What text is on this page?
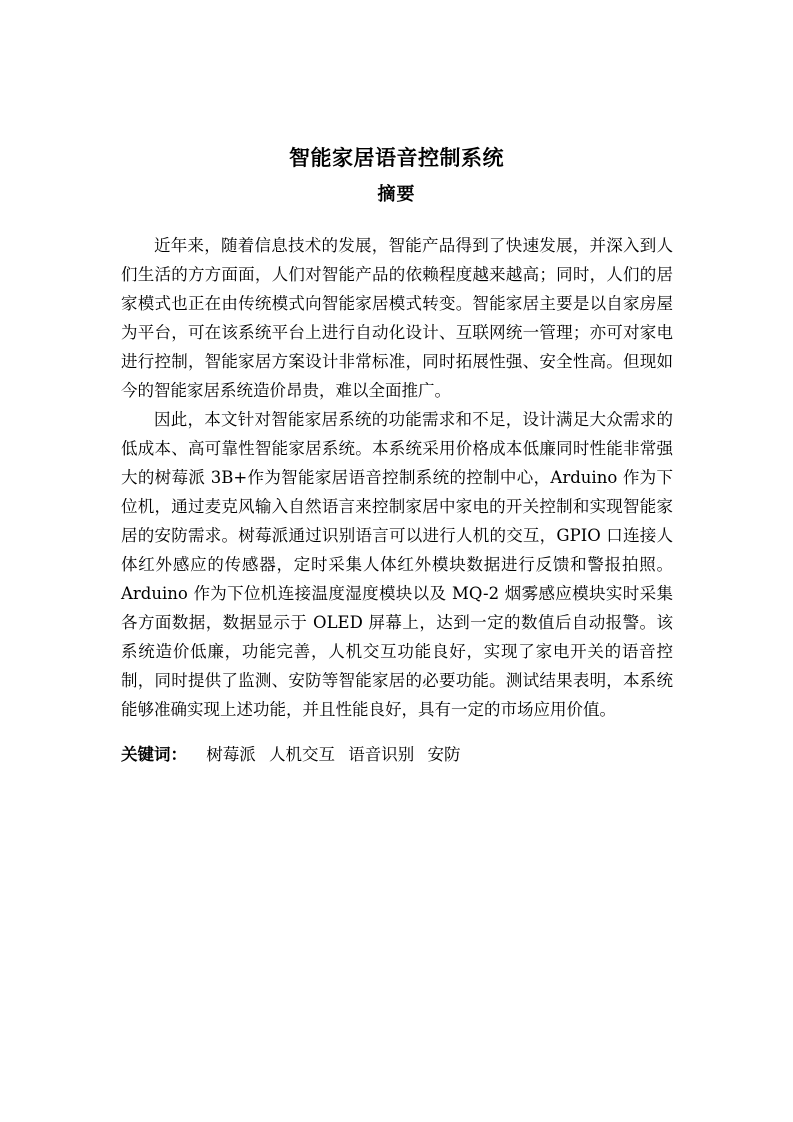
智能家居语音控制系统
摘要

近年来，随着信息技术的发展，智能产品得到了快速发展，并深入到人们生活的方方面面，人们对智能产品的依赖程度越来越高；同时，人们的居家模式也正在由传统模式向智能家居模式转变。智能家居主要是以自家房屋为平台，可在该系统平台上进行自动化设计、互联网统一管理；亦可对家电进行控制，智能家居方案设计非常标准，同时拓展性强、安全性高。但现如今的智能家居系统造价昂贵，难以全面推广。

因此，本文针对智能家居系统的功能需求和不足，设计满足大众需求的低成本、高可靠性智能家居系统。本系统采用价格成本低廉同时性能非常强大的树莓派 3B+作为智能家居语音控制系统的控制中心，Arduino 作为下位机，通过麦克风输入自然语言来控制家居中家电的开关控制和实现智能家居的安防需求。树莓派通过识别语言可以进行人机的交互，GPIO 口连接人体红外感应的传感器，定时采集人体红外模块数据进行反馈和警报拍照。Arduino 作为下位机连接温度湿度模块以及 MQ-2 烟雾感应模块实时采集各方面数据，数据显示于 OLED 屏幕上，达到一定的数值后自动报警。该系统造价低廉，功能完善，人机交互功能良好，实现了家电开关的语音控制，同时提供了监测、安防等智能家居的必要功能。测试结果表明，本系统能够准确实现上述功能，并且性能良好，具有一定的市场应用价值。

关键词： 树莓派 人机交互 语音识别 安防
